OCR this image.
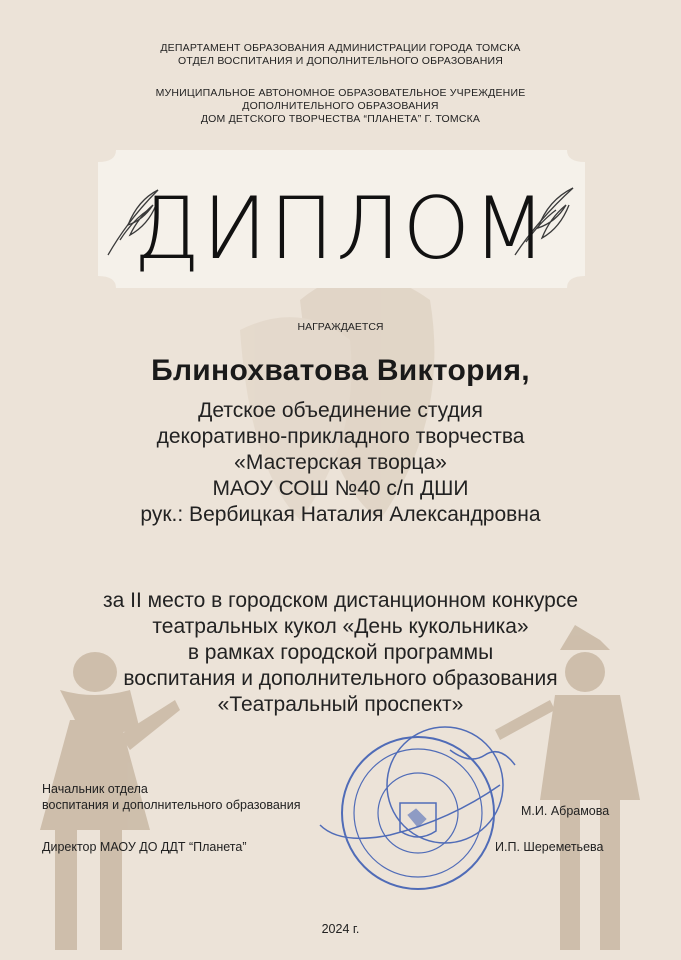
ДЕПАРТАМЕНТ ОБРАЗОВАНИЯ АДМИНИСТРАЦИИ ГОРОДА ТОМСКА
ОТДЕЛ ВОСПИТАНИЯ И ДОПОЛНИТЕЛЬНОГО ОБРАЗОВАНИЯ
МУНИЦИПАЛЬНОЕ АВТОНОМНОЕ ОБРАЗОВАТЕЛЬНОЕ УЧРЕЖДЕНИЕ
ДОПОЛНИТЕЛЬНОГО ОБРАЗОВАНИЯ
ДОМ ДЕТСКОГО ТВОРЧЕСТВА “ПЛАНЕТА” Г. ТОМСКА
ДИПЛОМ
НАГРАЖДАЕТСЯ
Блинохватова Виктория,
Детское объединение студия
декоративно-прикладного творчества
«Мастерская творца»
МАОУ СОШ №40 с/п ДШИ
рук.: Вербицкая Наталия Александровна
за II место в городском дистанционном конкурсе
театральных кукол «День кукольника»
в рамках городской программы
воспитания и дополнительного образования
«Театральный проспект»
Начальник отдела
воспитания и дополнительного образования	М.И. Абрамова
Директор МАОУ ДО ДДТ “Планета”	И.П. Шереметьева
2024 г.
